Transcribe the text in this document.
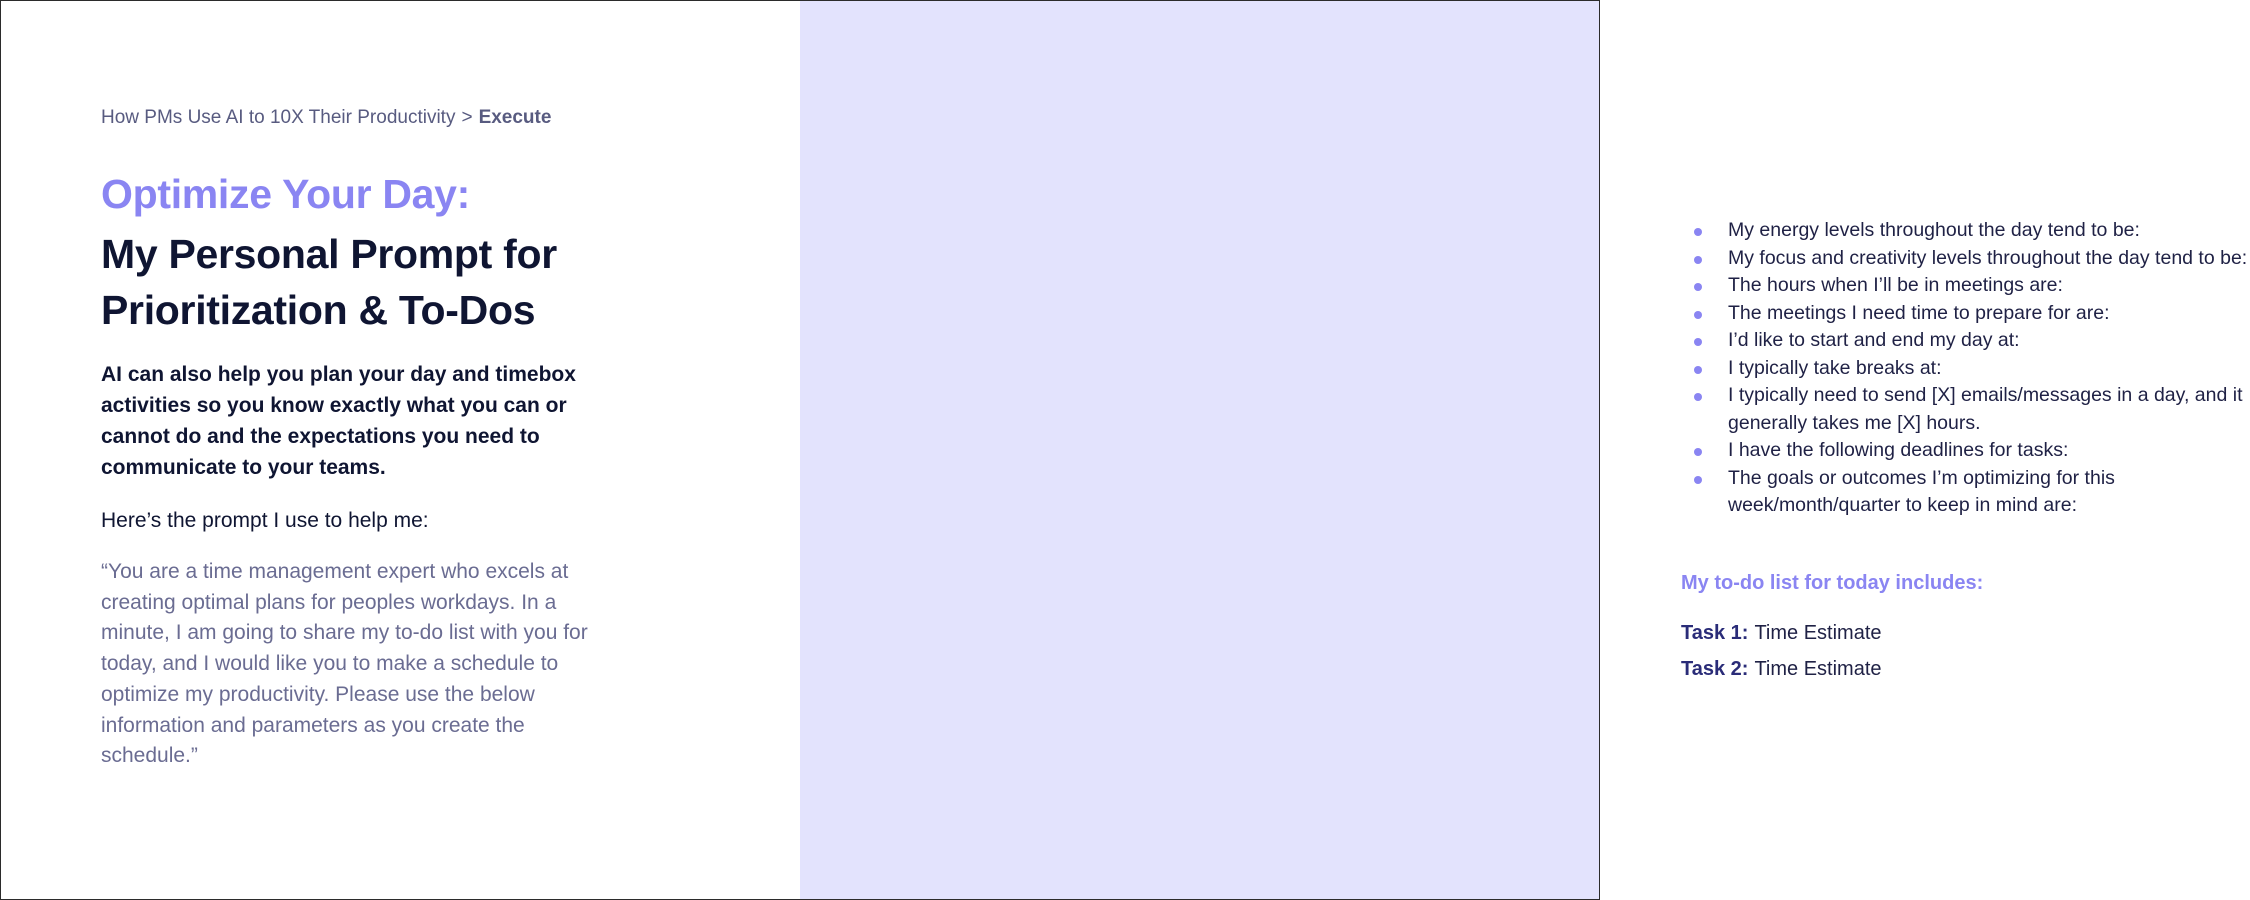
How PMs Use AI to 10X Their Productivity > Execute
Optimize Your Day:
My Personal Prompt for Prioritization & To-Dos

AI can also help you plan your day and timebox activities so you know exactly what you can or cannot do and the expectations you need to communicate to your teams.

Here’s the prompt I use to help me:

“You are a time management expert who excels at creating optimal plans for peoples workdays. In a minute, I am going to share my to-do list with you for today, and I would like you to make a schedule to optimize my productivity. Please use the below information and parameters as you create the schedule.”

My energy levels throughout the day tend to be:
My focus and creativity levels throughout the day tend to be:
The hours when I’ll be in meetings are:
The meetings I need time to prepare for are:
I’d like to start and end my day at:
I typically take breaks at:
I typically need to send [X] emails/messages in a day, and it generally takes me [X] hours.
I have the following deadlines for tasks:
The goals or outcomes I’m optimizing for this week/month/quarter to keep in mind are:
My to-do list for today includes:
Task 1: Time Estimate
Task 2: Time Estimate
